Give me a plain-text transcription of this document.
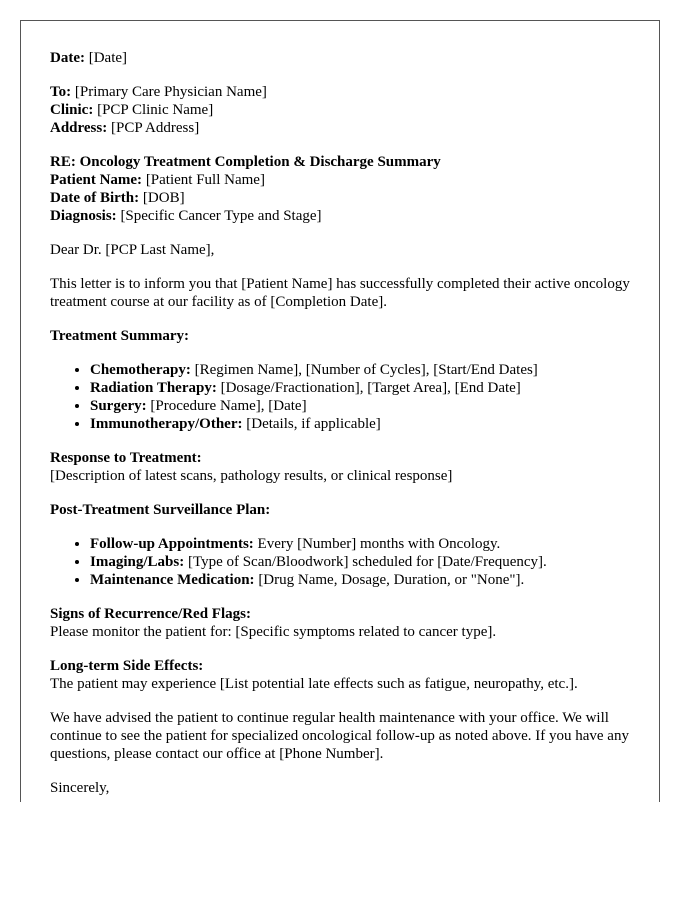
Date: [Date]

To: [Primary Care Physician Name]

Clinic: [PCP Clinic Name]

Address: [PCP Address]

RE: Oncology Treatment Completion & Discharge Summary

Patient Name: [Patient Full Name]

Date of Birth: [DOB]

Diagnosis: [Specific Cancer Type and Stage]

Dear Dr. [PCP Last Name],

This letter is to inform you that [Patient Name] has successfully completed their active oncology treatment course at our facility as of [Completion Date].

Treatment Summary:

• Chemotherapy: [Regimen Name], [Number of Cycles], [Start/End Dates]
• Radiation Therapy: [Dosage/Fractionation], [Target Area], [End Date]
• Surgery: [Procedure Name], [Date]
• Immunotherapy/Other: [Details, if applicable]

Response to Treatment:

[Description of latest scans, pathology results, or clinical response]

Post-Treatment Surveillance Plan:

• Follow-up Appointments: Every [Number] months with Oncology.
• Imaging/Labs: [Type of Scan/Bloodwork] scheduled for [Date/Frequency].
• Maintenance Medication: [Drug Name, Dosage, Duration, or "None"].

Signs of Recurrence/Red Flags:

Please monitor the patient for: [Specific symptoms related to cancer type].

Long-term Side Effects:

The patient may experience [List potential late effects such as fatigue, neuropathy, etc.].

We have advised the patient to continue regular health maintenance with your office. We will continue to see the patient for specialized oncological follow-up as noted above. If you have any questions, please contact our office at [Phone Number].

Sincerely,
